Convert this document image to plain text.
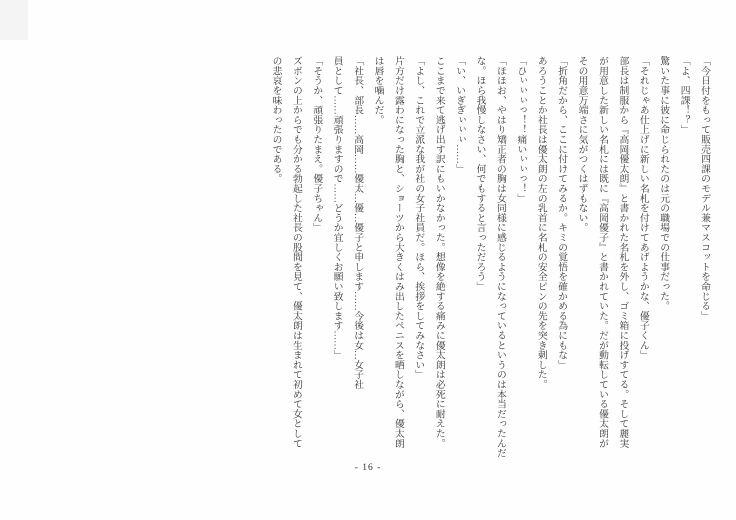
「今日付をもって販売四課のモデル兼マスコットを命じる」
「よ、四課！？」
驚いた事に彼に命じられたのは元の職場での仕事だった。
「それじゃあ仕上げに新しい名札を付けてあげようかな、優子くん」
部長は制服から『高岡優太朗』と書かれた名札を外し、ゴミ箱に投げすてる。そして麗実
が用意した新しい名札には既に『高岡優子』と書かれていた。だが動転している優太朗が
その用意万端さに気がつくはずもない。
「折角だから、ここに付けてみるか。キミの覚悟を確かめる為にもな」
あろうことか社長は優太朗の左の乳首に名札の安全ピンの先を突き刺した。
「ひぃぃぃっ！！痛いぃぃっ！」
「ほほお、やはり矯正者の胸は女同様に感じるようになっているというのは本当だったんだ
な。ほら我慢しなさい、何でもすると言っただろう」
「い、いぎぎぃぃぃ……」
ここまで来て逃げ出す訳にもいかなかった。想像を絶する痛みに優太朗は必死に耐えた。
「よし、これで立派な我が社の女子社員だ。ほら、挨拶をしてみなさい」
片方だけ露わになった胸と、ショーツから大きくはみ出したペニスを晒しながら、優太朗
は唇を噛んだ。
「社長、部長……高岡……優太…優…優子と申します……今後は女…女子社
員として……頑張りますので……どうか宜しくお願い致します……」
「そうか、頑張りたまえ。優子ちゃん」
ズボンの上からでも分かる勃起した社長の股間を見て、優太朗は生まれて初めて女として
の悲哀を味わったのである。
- 16 -
